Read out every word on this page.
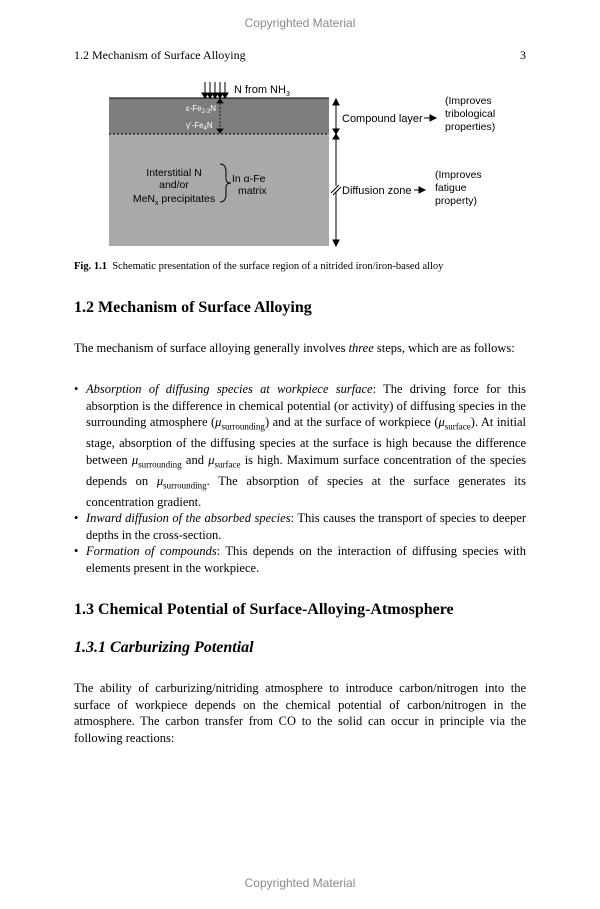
Copyrighted Material
1.2 Mechanism of Surface Alloying	3
N from $NH_3$
$\varepsilon-Fe_{2-3}N$
$\gamma'-Fe_4N$
Interstitial N
and/or
MeN$_x$ precipitates
In α-Fe
matrix
Compound layer
(Improves
tribological
properties)
Diffusion zone
(Improves
fatigue
property)
Fig. 1.1 Schematic presentation of the surface region of a nitrided iron/iron-based alloy
1.2 Mechanism of Surface Alloying

The mechanism of surface alloying generally involves three steps, which are as follows:

• Absorption of diffusing species at workpiece surface: The driving force for this absorption is the difference in chemical potential (or activity) of diffusing species in the surrounding atmosphere $(\mu_{surrounding})$ and at the surface of workpiece $(\mu_{surface})$. At initial stage, absorption of the diffusing species at the surface is high because the difference between $\mu_{surrounding}$ and $\mu_{surface}$ is high. Maximum surface concentration of the species depends on $\mu_{surrounding}$. The absorption of species at the surface generates its concentration gradient.
• Inward diffusion of the absorbed species: This causes the transport of species to deeper depths in the cross-section.
• Formation of compounds: This depends on the interaction of diffusing species with elements present in the workpiece.
1.3 Chemical Potential of Surface-Alloying-Atmosphere
1.3.1 Carburizing Potential

The ability of carburizing/nitriding atmosphere to introduce carbon/nitrogen into the surface of workpiece depends on the chemical potential of carbon/nitrogen in the atmosphere. The carbon transfer from CO to the solid can occur in principle via the following reactions:

Copyrighted Material
